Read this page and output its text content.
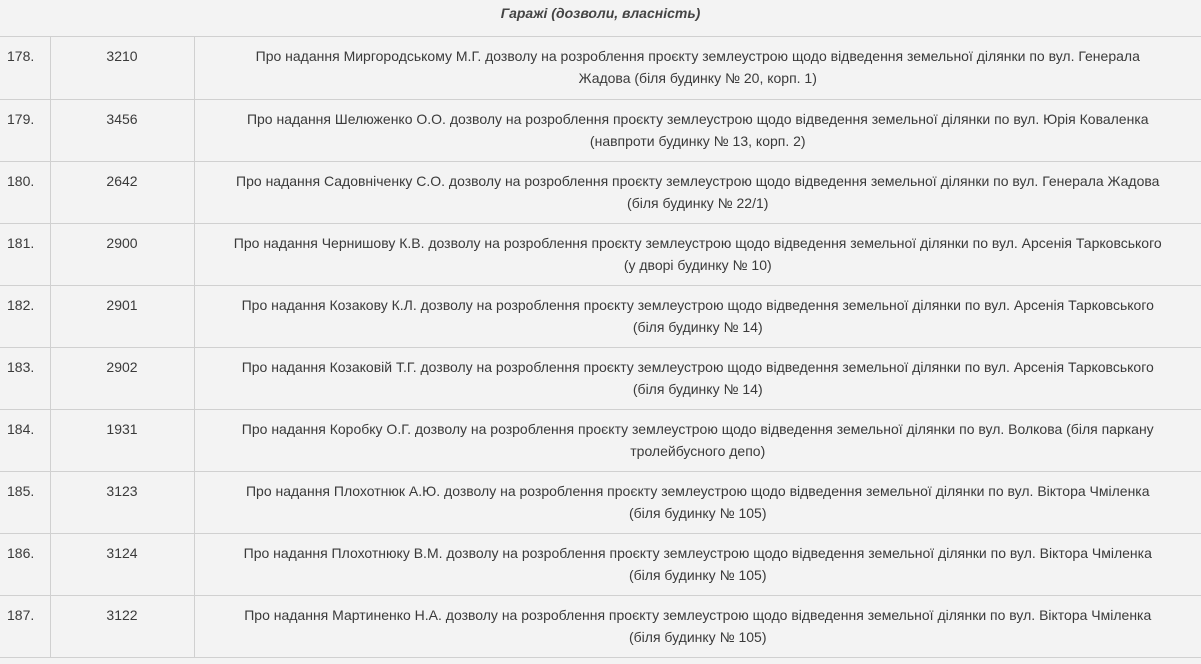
Гаражі (дозволи, власність)
178.	3210	Про надання Миргородському М.Г. дозволу на розроблення проєкту землеустрою щодо відведення земельної ділянки по вул. Генерала
Жадова (біля будинку № 20, корп. 1)

179.	3456	Про надання Шелюженко О.О. дозволу на розроблення проєкту землеустрою щодо відведення земельної ділянки по вул. Юрія Коваленка
(навпроти будинку № 13, корп. 2)

180.	2642	Про надання Садовніченку С.О. дозволу на розроблення проєкту землеустрою щодо відведення земельної ділянки по вул. Генерала Жадова
(біля будинку № 22/1)

181.	2900	Про надання Чернишову К.В. дозволу на розроблення проєкту землеустрою щодо відведення земельної ділянки по вул. Арсенія Тарковського
(у дворі будинку № 10)

182.	2901	Про надання Козакову К.Л. дозволу на розроблення проєкту землеустрою щодо відведення земельної ділянки по вул. Арсенія Тарковського
(біля будинку № 14)

183.	2902	Про надання Козаковій Т.Г. дозволу на розроблення проєкту землеустрою щодо відведення земельної ділянки по вул. Арсенія Тарковського
(біля будинку № 14)

184.	1931	Про надання Коробку О.Г. дозволу на розроблення проєкту землеустрою щодо відведення земельної ділянки по вул. Волкова (біля паркану
тролейбусного депо)

185.	3123	Про надання Плохотнюк А.Ю. дозволу на розроблення проєкту землеустрою щодо відведення земельної ділянки по вул. Віктора Чміленка
(біля будинку № 105)

186.	3124	Про надання Плохотнюку В.М. дозволу на розроблення проєкту землеустрою щодо відведення земельної ділянки по вул. Віктора Чміленка
(біля будинку № 105)

187.	3122	Про надання Мартиненко Н.А. дозволу на розроблення проєкту землеустрою щодо відведення земельної ділянки по вул. Віктора Чміленка
(біля будинку № 105)
